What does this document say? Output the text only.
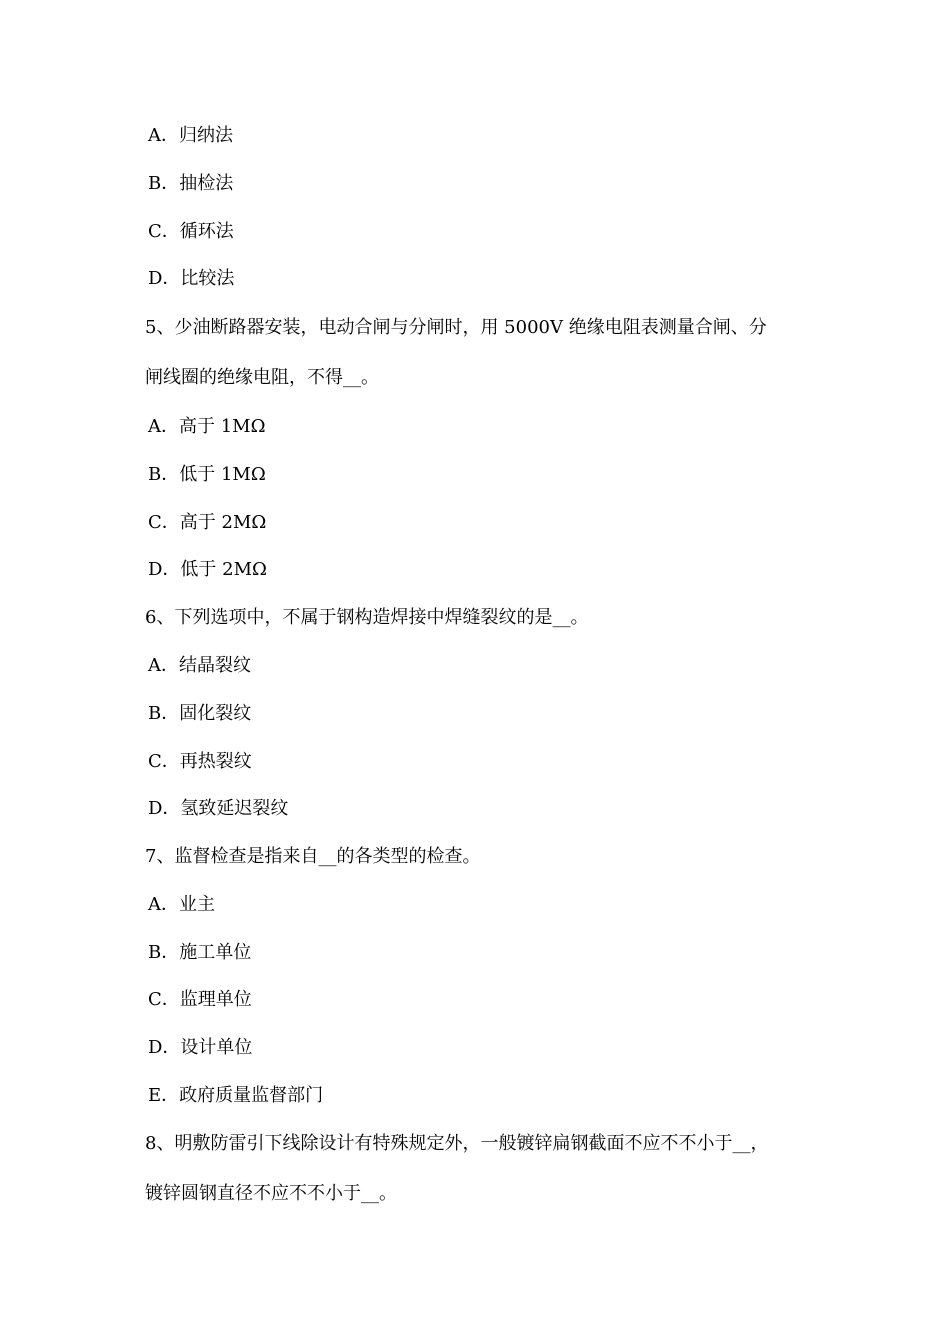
A．归纳法
B．抽检法
C．循环法
D．比较法
5、少油断路器安装，电动合闸与分闸时，用 5000V 绝缘电阻表测量合闸、分
闸线圈的绝缘电阻，不得__。
A．高于 1MΩ
B．低于 1MΩ
C．高于 2MΩ
D．低于 2MΩ
6、下列选项中，不属于钢构造焊接中焊缝裂纹的是__。
A．结晶裂纹
B．固化裂纹
C．再热裂纹
D．氢致延迟裂纹
7、监督检查是指来自__的各类型的检查。
A．业主
B．施工单位
C．监理单位
D．设计单位
E．政府质量监督部门
8、明敷防雷引下线除设计有特殊规定外，一般镀锌扁钢截面不应不不小于__，
镀锌圆钢直径不应不不小于__。
